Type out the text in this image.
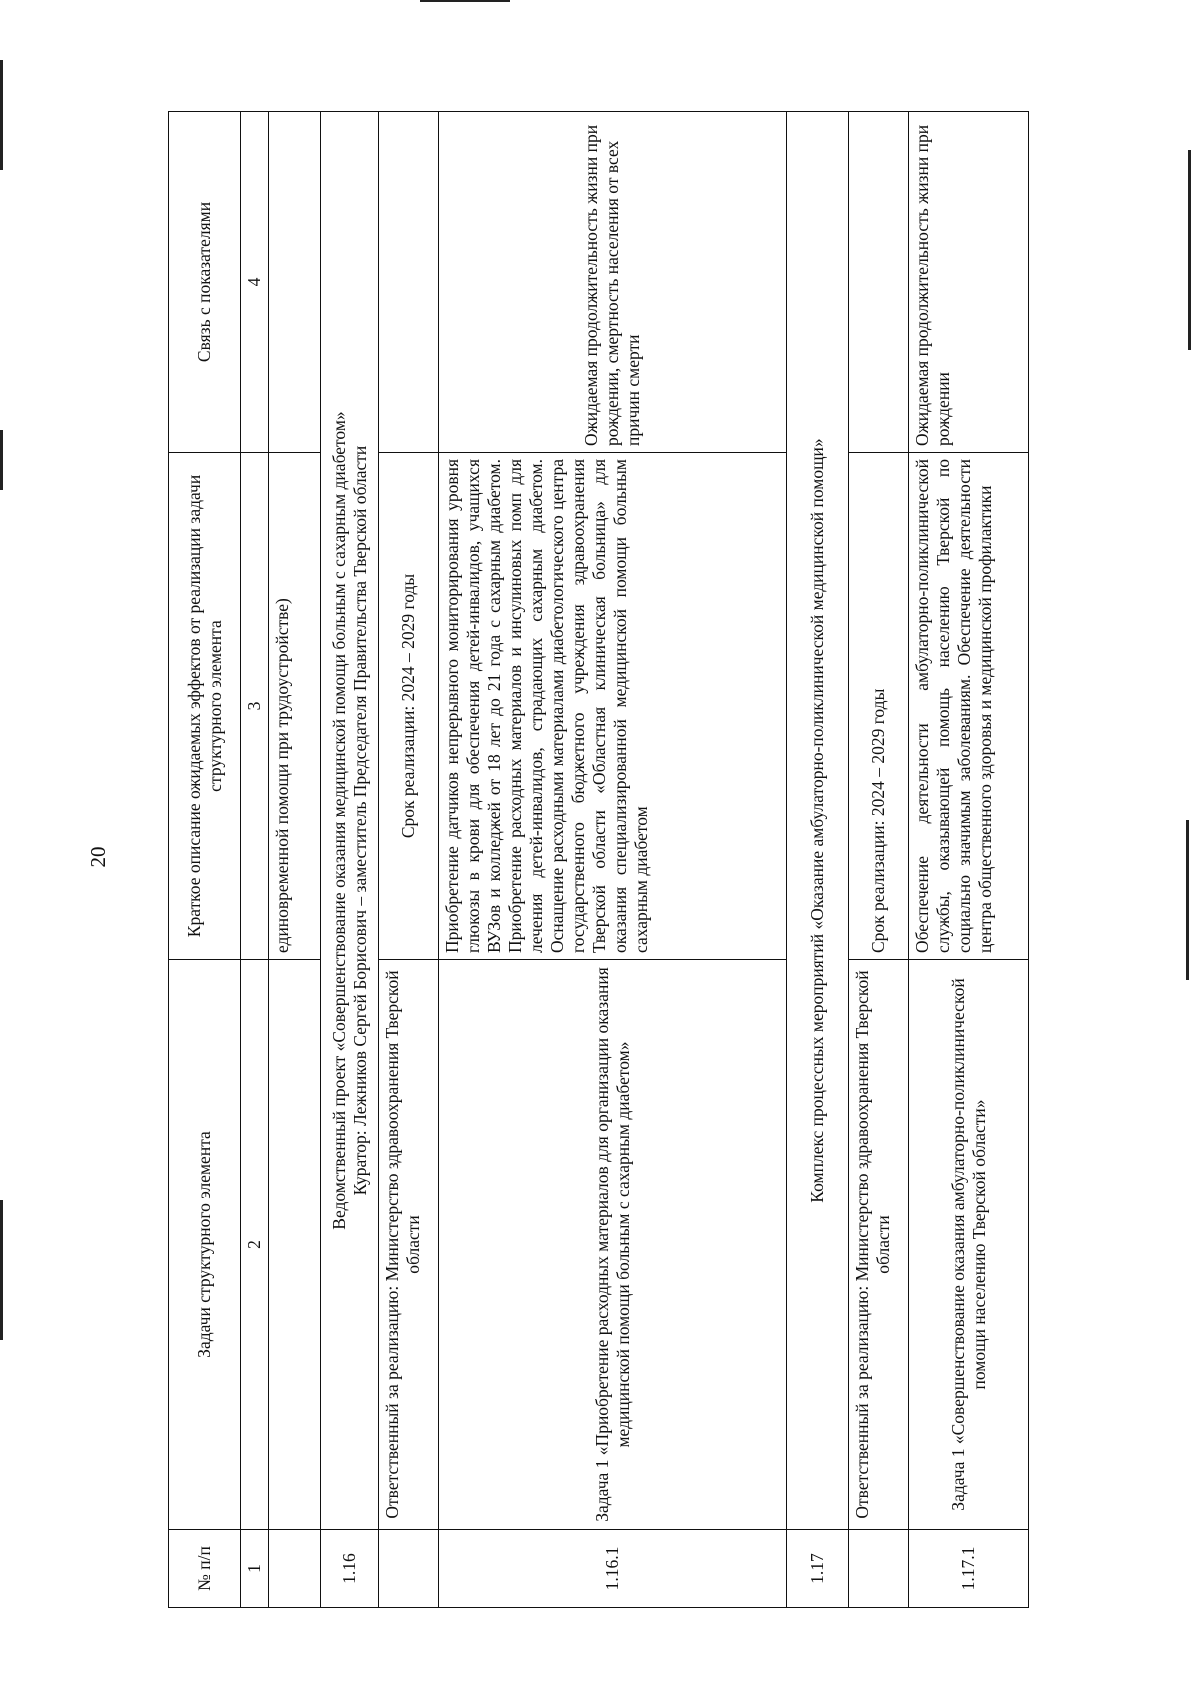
20
№ п/п	Задачи структурного элемента	Краткое описание ожидаемых эффектов от реализации задачи структурного элемента	Связь с показателями
1	2	3	4
		единовременной помощи при трудоустройстве)	
1.16	Ведомственный проект «Совершенствование оказания медицинской помощи больным с сахарным диабетом» Куратор: Лежников Сергей Борисович – заместитель Председателя Правительства Тверской области		

	Ответственный за реализацию: Министерство здравоохранения Тверской области	Срок реализации: 2024 – 2029 годы	
1.16.1	Задача 1 «Приобретение расходных материалов для организации оказания медицинской помощи больным с сахарным диабетом»	Приобретение датчиков непрерывного мониторирования уровня глюкозы в крови для обеспечения детей-инвалидов, учащихся ВУЗов и колледжей от 18 лет до 21 года с сахарным диабетом. Приобретение расходных материалов и инсулиновых помп для лечения детей-инвалидов, страдающих сахарным диабетом. Оснащение расходными материалами диабетологического центра государственного бюджетного учреждения здравоохранения Тверской области «Областная клиническая больница» для оказания специализированной медицинской помощи больным сахарным диабетом	Ожидаемая продолжительность жизни при рождении, смертность населения от всех причин смерти
1.17	Комплекс процессных мероприятий «Оказание амбулаторно-поликлинической медицинской помощи»		
	Ответственный за реализацию: Министерство здравоохранения Тверской области	Срок реализации: 2024 – 2029 годы	
1.17.1	Задача 1 «Совершенствование оказания амбулаторно-поликлинической помощи населению Тверской области»	Обеспечение деятельности амбулаторно-поликлинической службы, оказывающей помощь населению Тверской по социально значимым заболеваниям. Обеспечение деятельности центра общественного здоровья и медицинской профилактики	Ожидаемая продолжительность жизни при рождении
